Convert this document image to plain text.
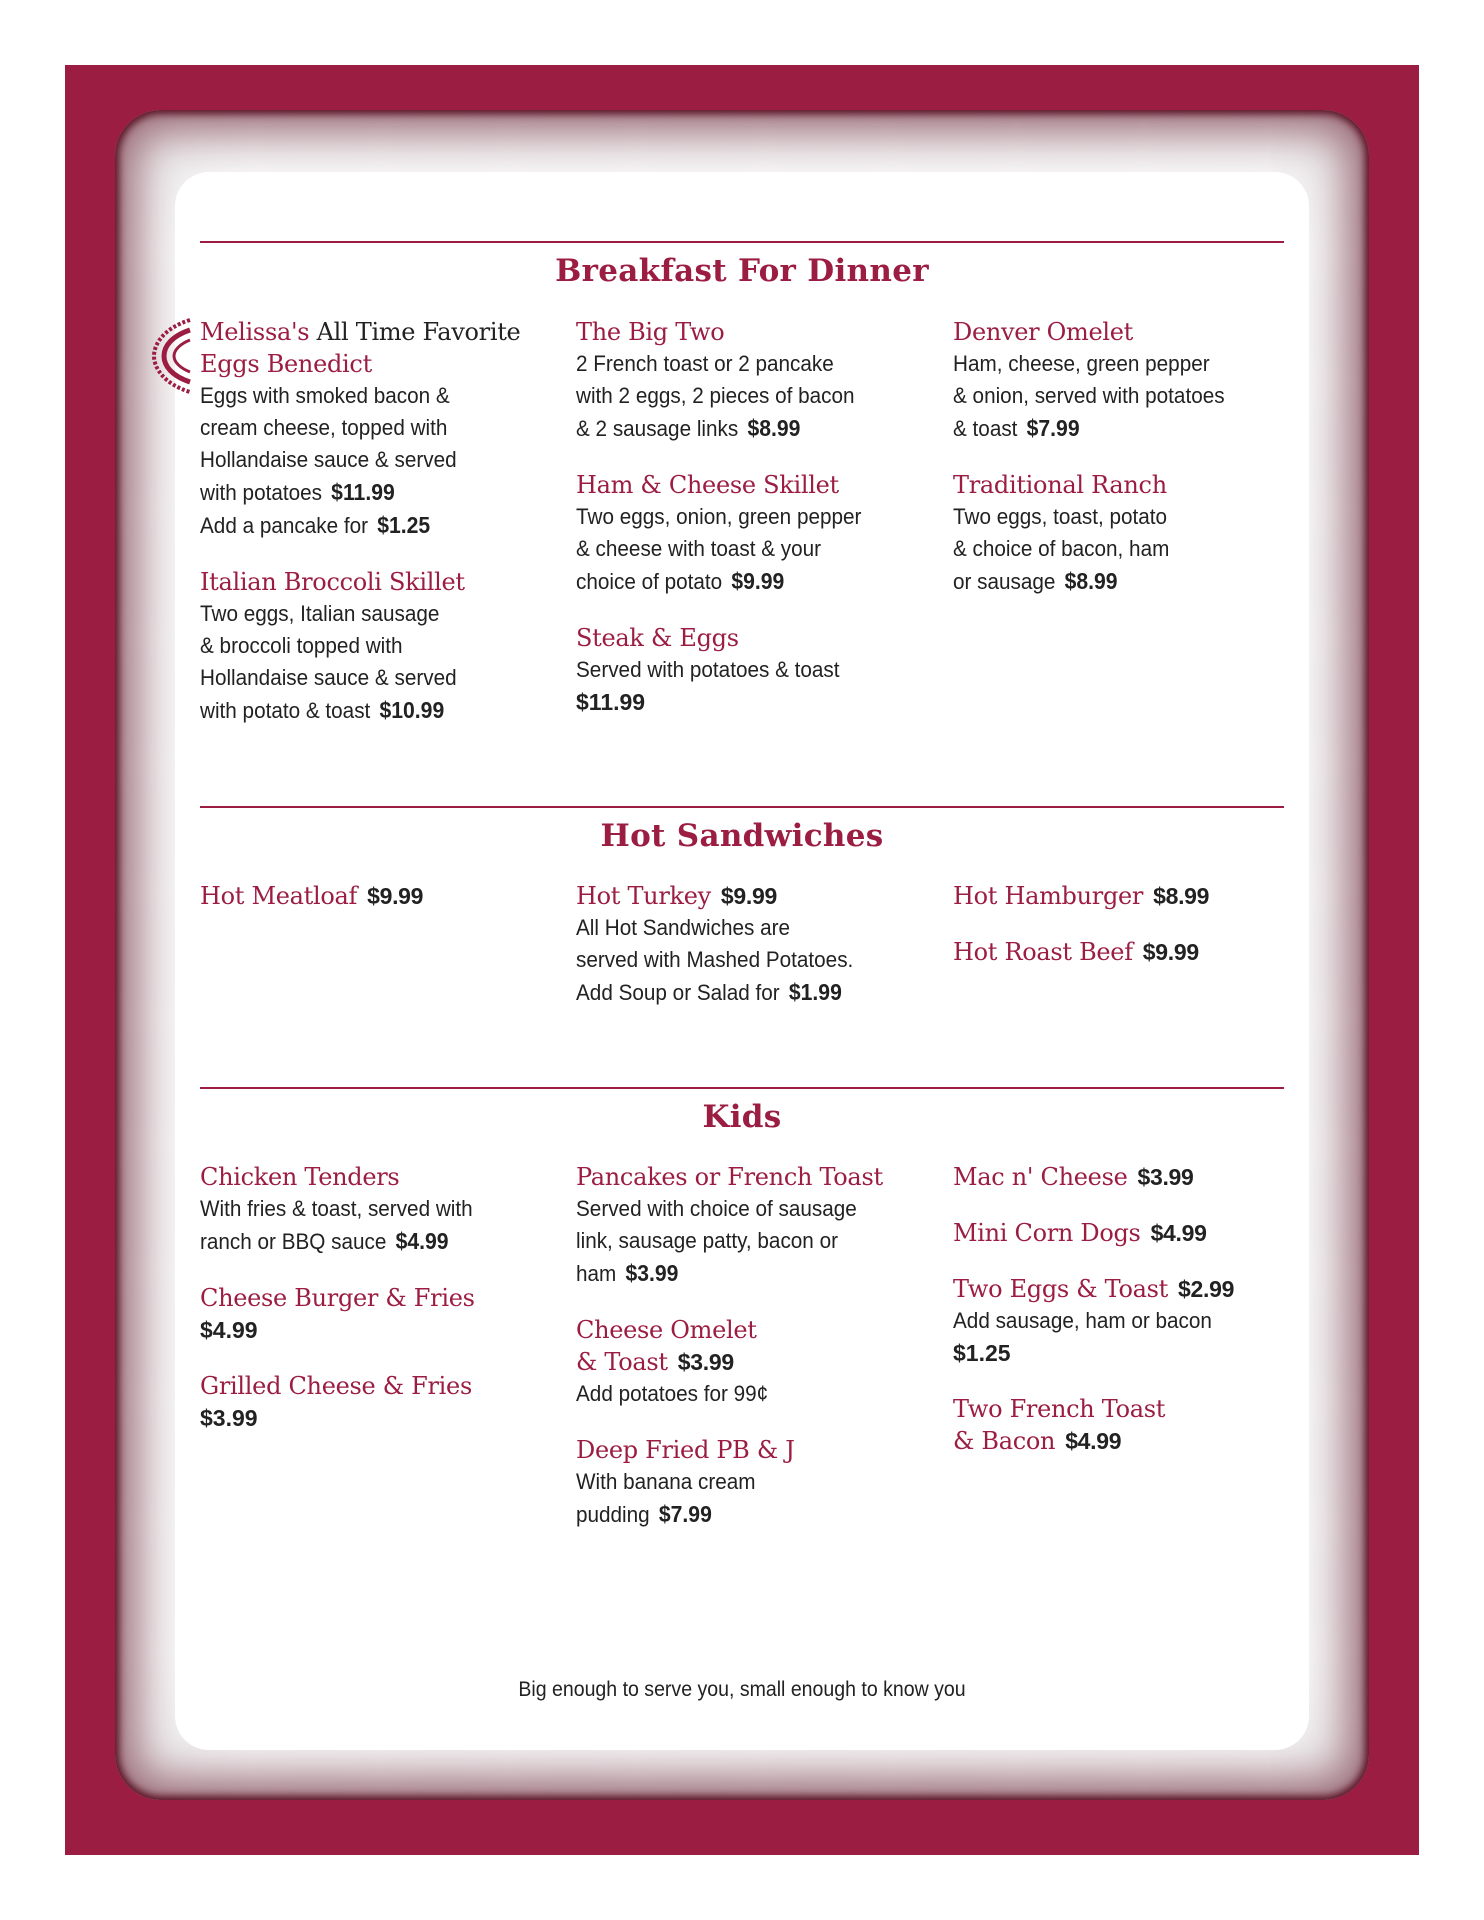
Breakfast For Dinner
Melissa's All Time Favorite
Eggs Benedict
Eggs with smoked bacon &
cream cheese, topped with
Hollandaise sauce & served
with potatoes $11.99
Add a pancake for $1.25
Italian Broccoli Skillet
Two eggs, Italian sausage
& broccoli topped with
Hollandaise sauce & served
with potato & toast $10.99
The Big Two
2 French toast or 2 pancake
with 2 eggs, 2 pieces of bacon
& 2 sausage links $8.99
Ham & Cheese Skillet
Two eggs, onion, green pepper
& cheese with toast & your
choice of potato $9.99
Steak & Eggs
Served with potatoes & toast
$11.99
Denver Omelet
Ham, cheese, green pepper
& onion, served with potatoes
& toast $7.99
Traditional Ranch
Two eggs, toast, potato
& choice of bacon, ham
or sausage $8.99
Hot Sandwiches
Hot Meatloaf $9.99	Hot Turkey $9.99
All Hot Sandwiches are
served with Mashed Potatoes.
Add Soup or Salad for $1.99
Hot Hamburger $8.99
Hot Roast Beef $9.99
Kids
Chicken Tenders
With fries & toast, served with
ranch or BBQ sauce $4.99
Cheese Burger & Fries
$4.99
Grilled Cheese & Fries
$3.99
Pancakes or French Toast
Served with choice of sausage
link, sausage patty, bacon or
ham $3.99
Cheese Omelet
& Toast $3.99
Add potatoes for 99¢
Deep Fried PB & J
With banana cream
pudding $7.99
Mac n' Cheese $3.99
Mini Corn Dogs $4.99
Two Eggs & Toast $2.99
Add sausage, ham or bacon
$1.25
Two French Toast
& Bacon $4.99

Big enough to serve you, small enough to know you
